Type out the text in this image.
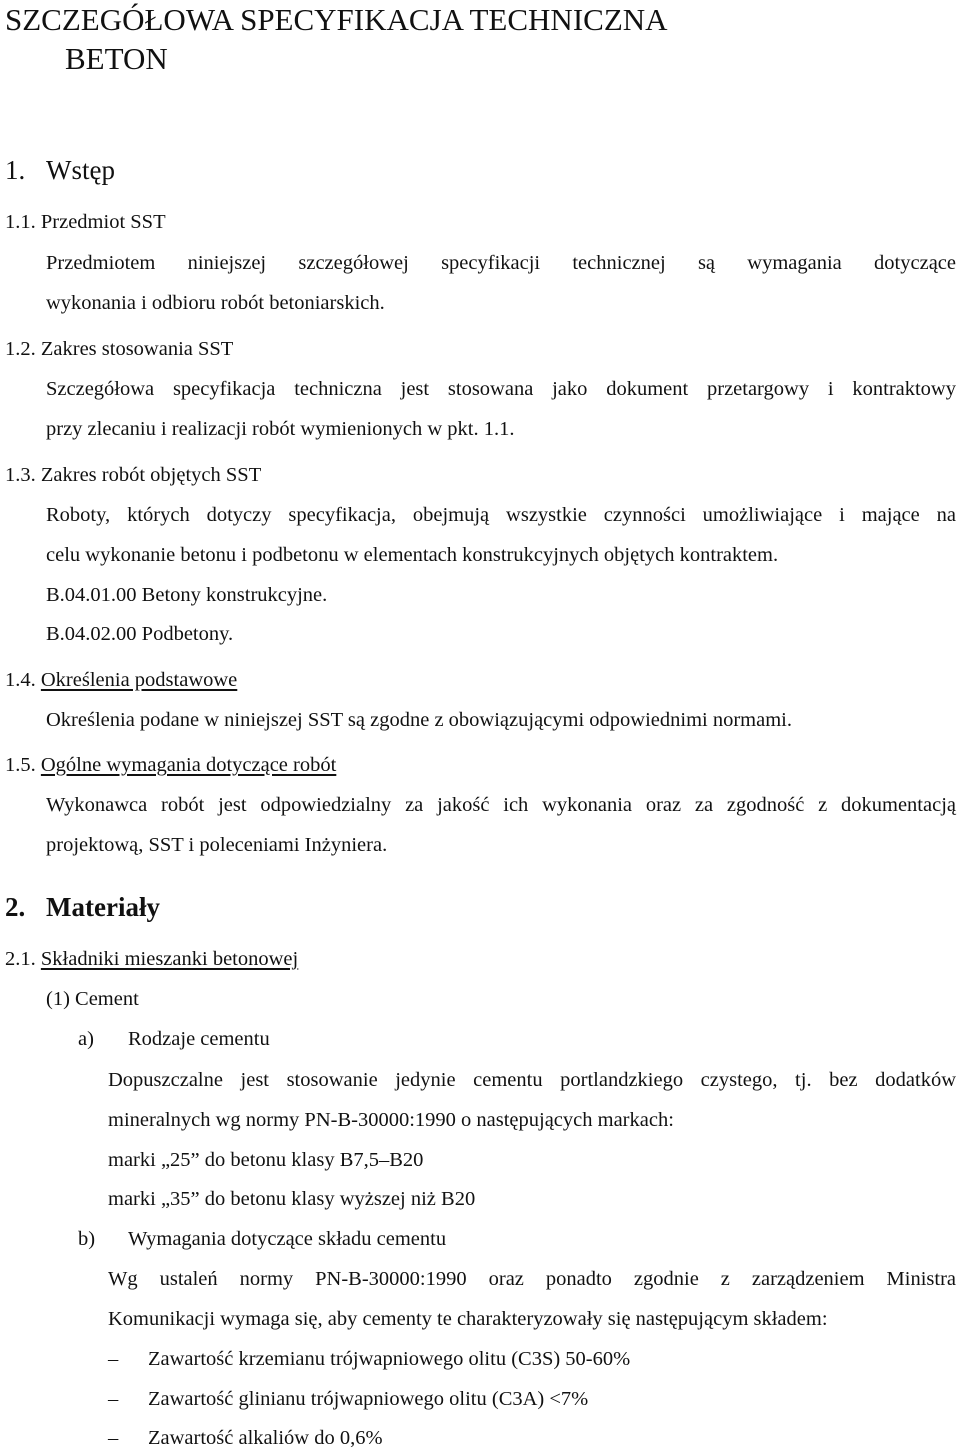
SZCZEGÓŁOWA SPECYFIKACJA TECHNICZNA
BETON
1. Wstęp
1.1. Przedmiot SST
Przedmiotem niniejszej szczegółowej specyfikacji technicznej są wymagania dotyczące
wykonania i odbioru robót betoniarskich.
1.2. Zakres stosowania SST
Szczegółowa specyfikacja techniczna jest stosowana jako dokument przetargowy i kontraktowy
przy zlecaniu i realizacji robót wymienionych w pkt. 1.1.
1.3. Zakres robót objętych SST
Roboty, których dotyczy specyfikacja, obejmują wszystkie czynności umożliwiające i mające na
celu wykonanie betonu i podbetonu w elementach konstrukcyjnych objętych kontraktem.
B.04.01.00 Betony konstrukcyjne.
B.04.02.00 Podbetony.
1.4. Określenia podstawowe
Określenia podane w niniejszej SST są zgodne z obowiązującymi odpowiednimi normami.
1.5. Ogólne wymagania dotyczące robót
Wykonawca robót jest odpowiedzialny za jakość ich wykonania oraz za zgodność z dokumentacją
projektową, SST i poleceniami Inżyniera.
2. Materiały
2.1. Składniki mieszanki betonowej
(1) Cement
a) Rodzaje cementu
Dopuszczalne jest stosowanie jedynie cementu portlandzkiego czystego, tj. bez dodatków
mineralnych wg normy PN-B-30000:1990 o następujących markach:
marki „25” do betonu klasy B7,5–B20
marki „35” do betonu klasy wyższej niż B20
b) Wymagania dotyczące składu cementu
Wg ustaleń normy PN-B-30000:1990 oraz ponadto zgodnie z zarządzeniem Ministra
Komunikacji wymaga się, aby cementy te charakteryzowały się następującym składem:
– Zawartość krzemianu trójwapniowego olitu (C3S) 50-60%
– Zawartość glinianu trójwapniowego olitu (C3A) <7%
– Zawartość alkaliów do 0,6%
